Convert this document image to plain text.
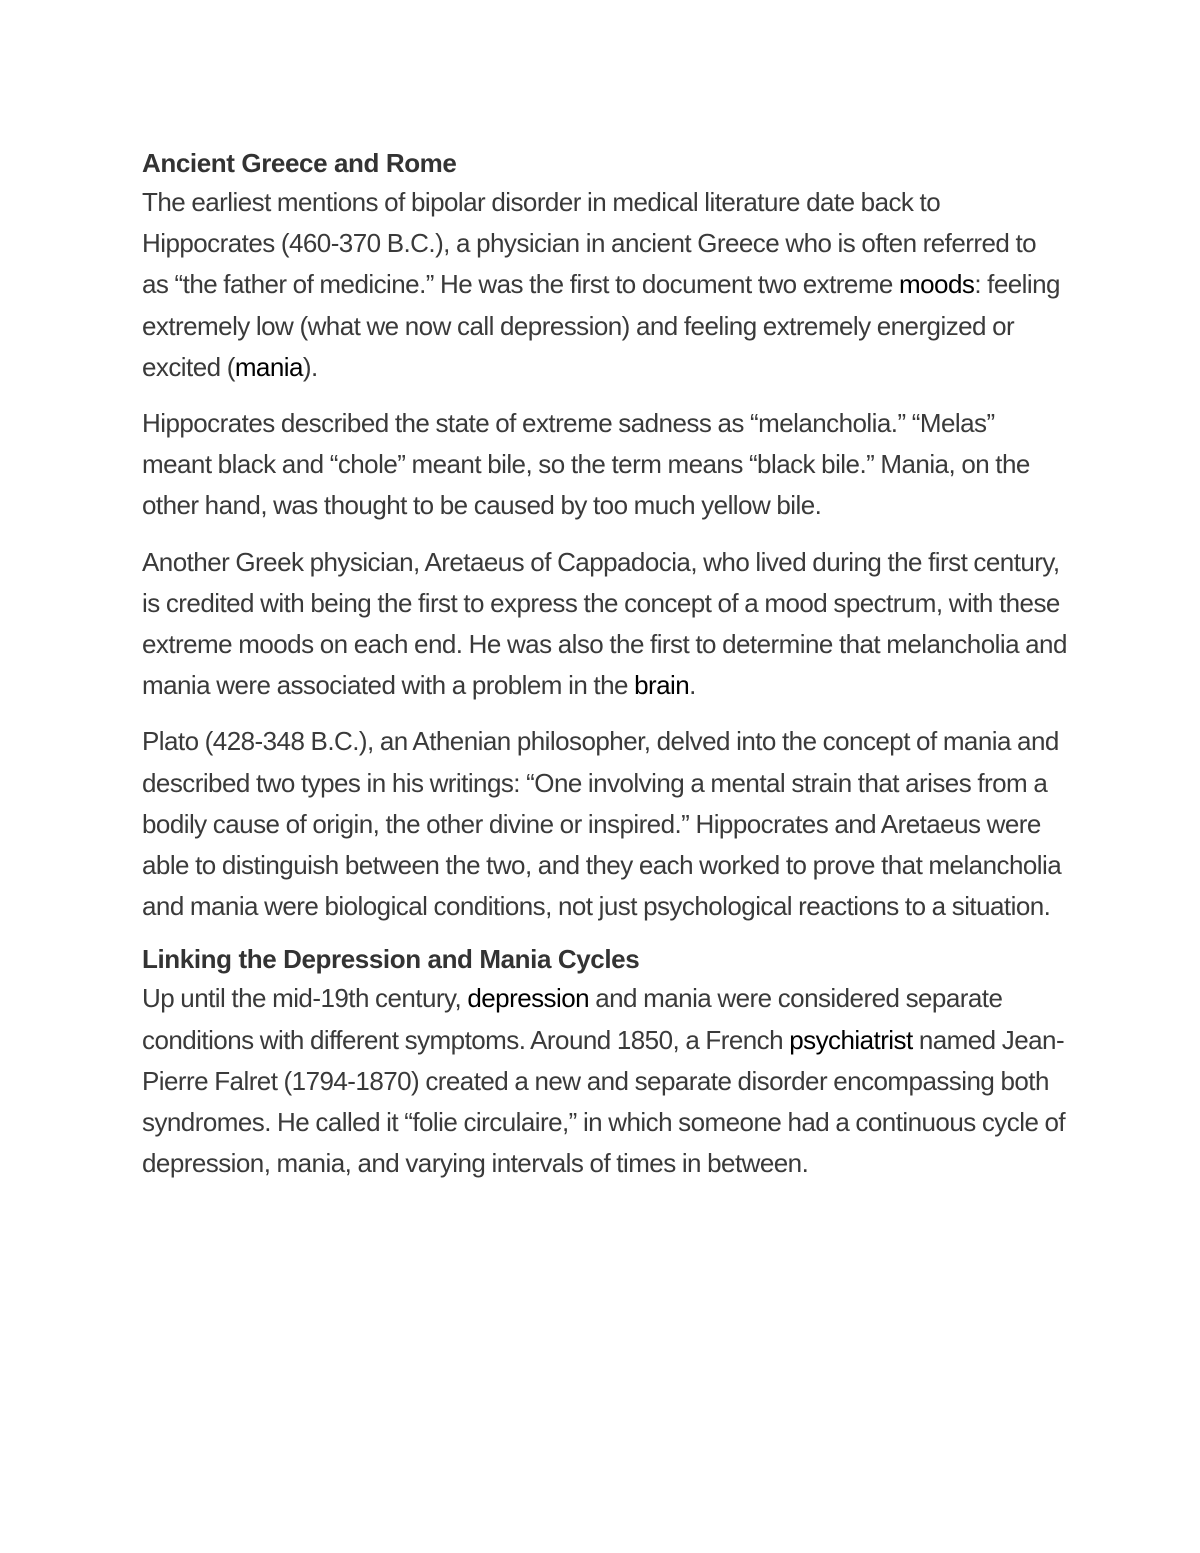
Ancient Greece and Rome

The earliest mentions of bipolar disorder in medical literature date back to Hippocrates (460-370 B.C.), a physician in ancient Greece who is often referred to as “the father of medicine.” He was the first to document two extreme moods: feeling extremely low (what we now call depression) and feeling extremely energized or excited (mania).

Hippocrates described the state of extreme sadness as “melancholia.” “Melas” meant black and “chole” meant bile, so the term means “black bile.” Mania, on the other hand, was thought to be caused by too much yellow bile.

Another Greek physician, Aretaeus of Cappadocia, who lived during the first century, is credited with being the first to express the concept of a mood spectrum, with these extreme moods on each end. He was also the first to determine that melancholia and mania were associated with a problem in the brain.

Plato (428-348 B.C.), an Athenian philosopher, delved into the concept of mania and described two types in his writings: “One involving a mental strain that arises from a bodily cause of origin, the other divine or inspired.” Hippocrates and Aretaeus were able to distinguish between the two, and they each worked to prove that melancholia and mania were biological conditions, not just psychological reactions to a situation.

Linking the Depression and Mania Cycles

Up until the mid-19th century, depression and mania were considered separate conditions with different symptoms. Around 1850, a French psychiatrist named Jean-Pierre Falret (1794-1870) created a new and separate disorder encompassing both syndromes. He called it “folie circulaire,” in which someone had a continuous cycle of depression, mania, and varying intervals of times in between.
